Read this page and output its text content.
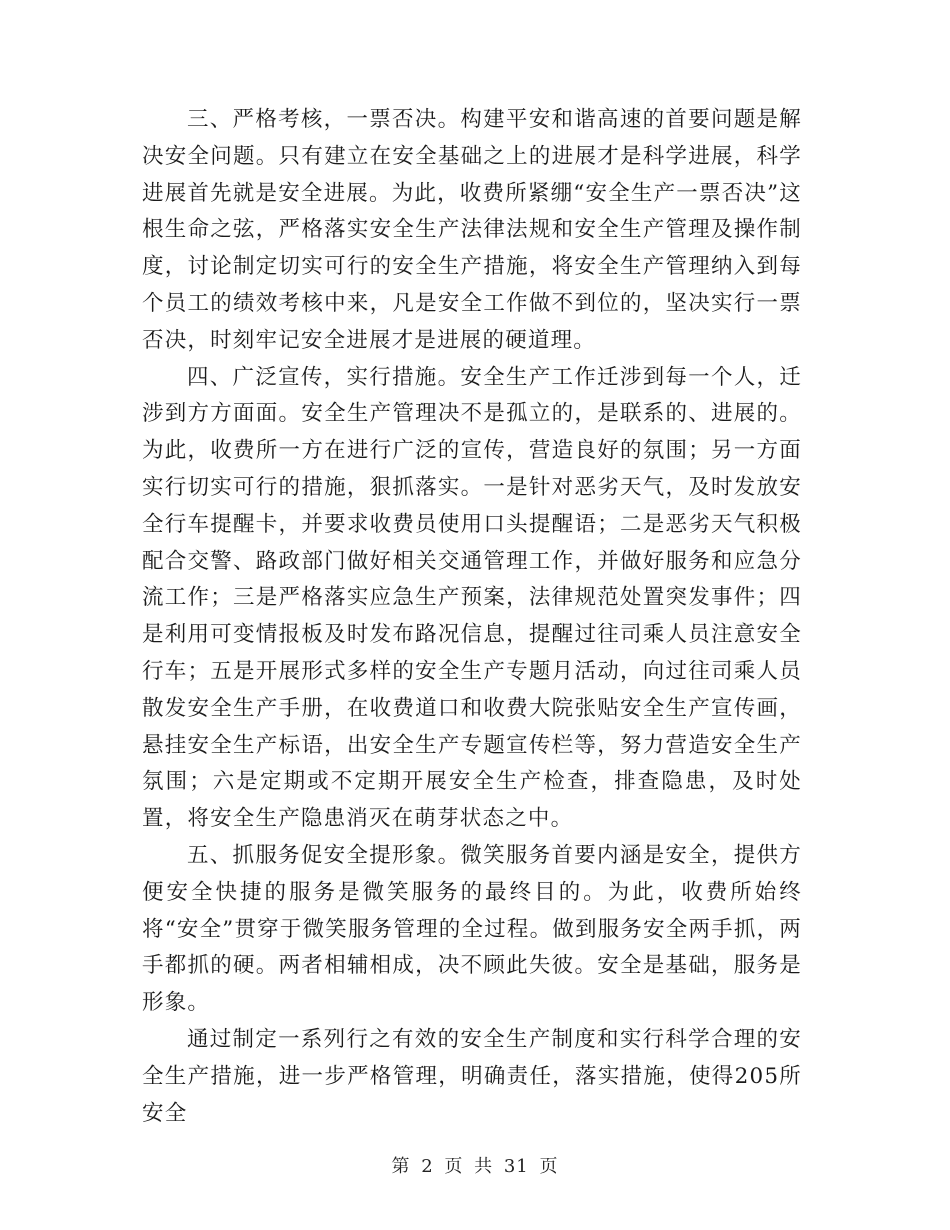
三、严格考核，一票否决。构建平安和谐高速的首要问题是解决安全问题。只有建立在安全基础之上的进展才是科学进展，科学进展首先就是安全进展。为此，收费所紧绷“安全生产一票否决”这根生命之弦，严格落实安全生产法律法规和安全生产管理及操作制度，讨论制定切实可行的安全生产措施，将安全生产管理纳入到每个员工的绩效考核中来，凡是安全工作做不到位的，坚决实行一票否决，时刻牢记安全进展才是进展的硬道理。

四、广泛宣传，实行措施。安全生产工作迁涉到每一个人，迁涉到方方面面。安全生产管理决不是孤立的，是联系的、进展的。为此，收费所一方在进行广泛的宣传，营造良好的氛围；另一方面实行切实可行的措施，狠抓落实。一是针对恶劣天气，及时发放安全行车提醒卡，并要求收费员使用口头提醒语；二是恶劣天气积极配合交警、路政部门做好相关交通管理工作，并做好服务和应急分流工作；三是严格落实应急生产预案，法律规范处置突发事件；四是利用可变情报板及时发布路况信息，提醒过往司乘人员注意安全行车；五是开展形式多样的安全生产专题月活动，向过往司乘人员散发安全生产手册，在收费道口和收费大院张贴安全生产宣传画，悬挂安全生产标语，出安全生产专题宣传栏等，努力营造安全生产氛围；六是定期或不定期开展安全生产检查，排查隐患，及时处置，将安全生产隐患消灭在萌芽状态之中。

五、抓服务促安全提形象。微笑服务首要内涵是安全，提供方便安全快捷的服务是微笑服务的最终目的。为此，收费所始终将“安全”贯穿于微笑服务管理的全过程。做到服务安全两手抓，两手都抓的硬。两者相辅相成，决不顾此失彼。安全是基础，服务是形象。

通过制定一系列行之有效的安全生产制度和实行科学合理的安全生产措施，进一步严格管理，明确责任，落实措施，使得205所安全

第 2 页 共 31 页
